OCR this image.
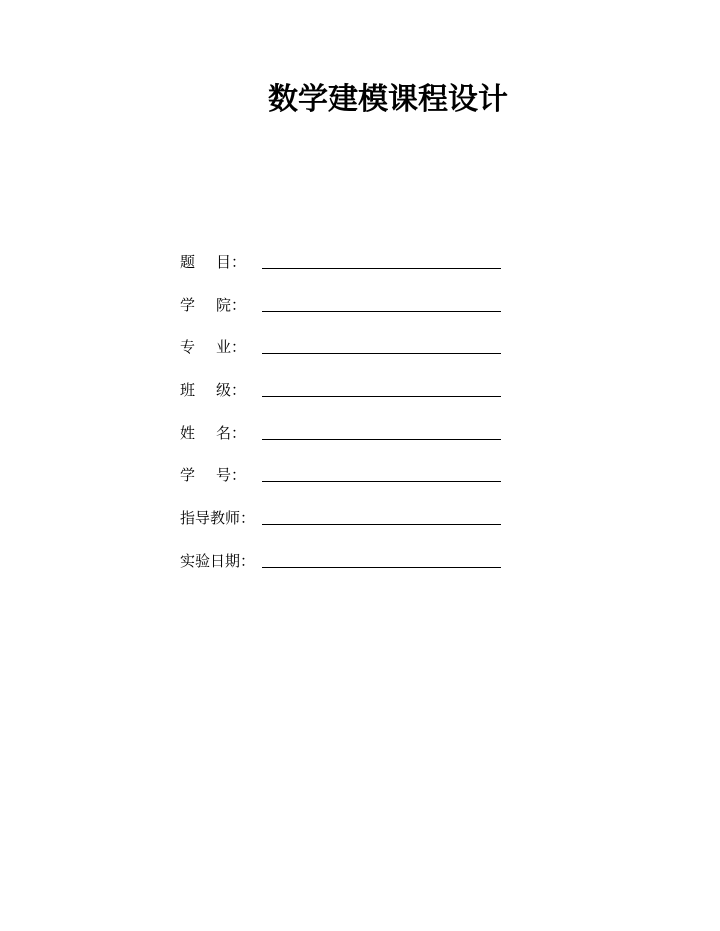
数学建模课程设计
题 目：
学 院：
专 业：
班 级：
姓 名：
学 号：
指导教师：
实验日期：
